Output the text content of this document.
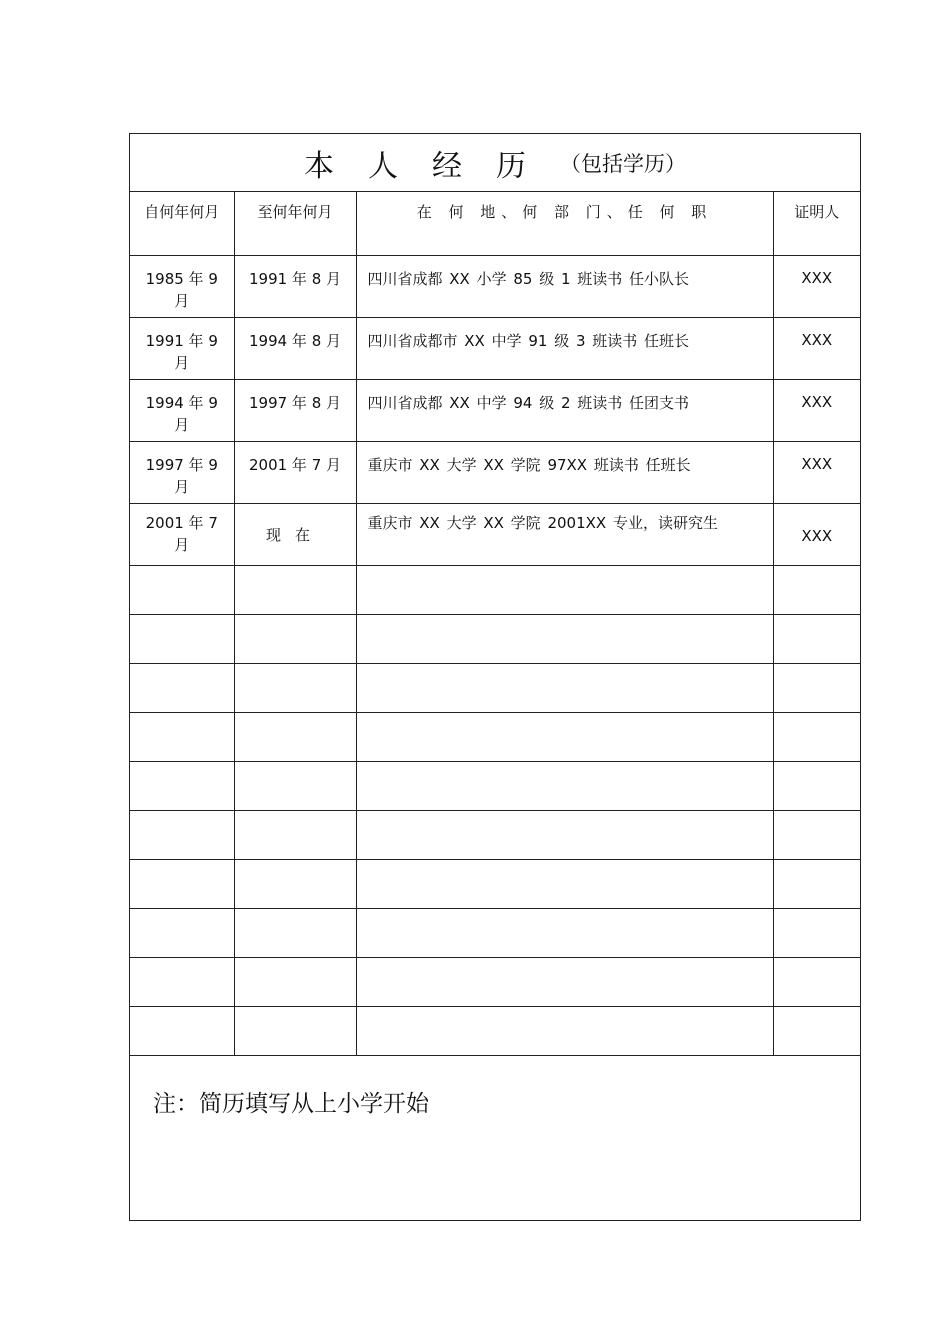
本人经历 （包括学历）
自何年何月	至何年何月	在 何 地、何 部 门、任 何 职	证明人
1985 年 9 月	1991 年 8 月	四川省成都 XX 小学 85 级 1 班读书 任小队长	XXX
1991 年 9 月	1994 年 8 月	四川省成都市 XX 中学 91 级 3 班读书 任班长	XXX
1994 年 9 月	1997 年 8 月	四川省成都 XX 中学 94 级 2 班读书 任团支书	XXX
1997 年 9 月	2001 年 7 月	重庆市 XX 大学 XX 学院 97XX 班读书 任班长	XXX
2001 年 7 月	现在	重庆市 XX 大学 XX 学院 2001XX 专业，读研究生	XXX

注：简历填写从上小学开始			
